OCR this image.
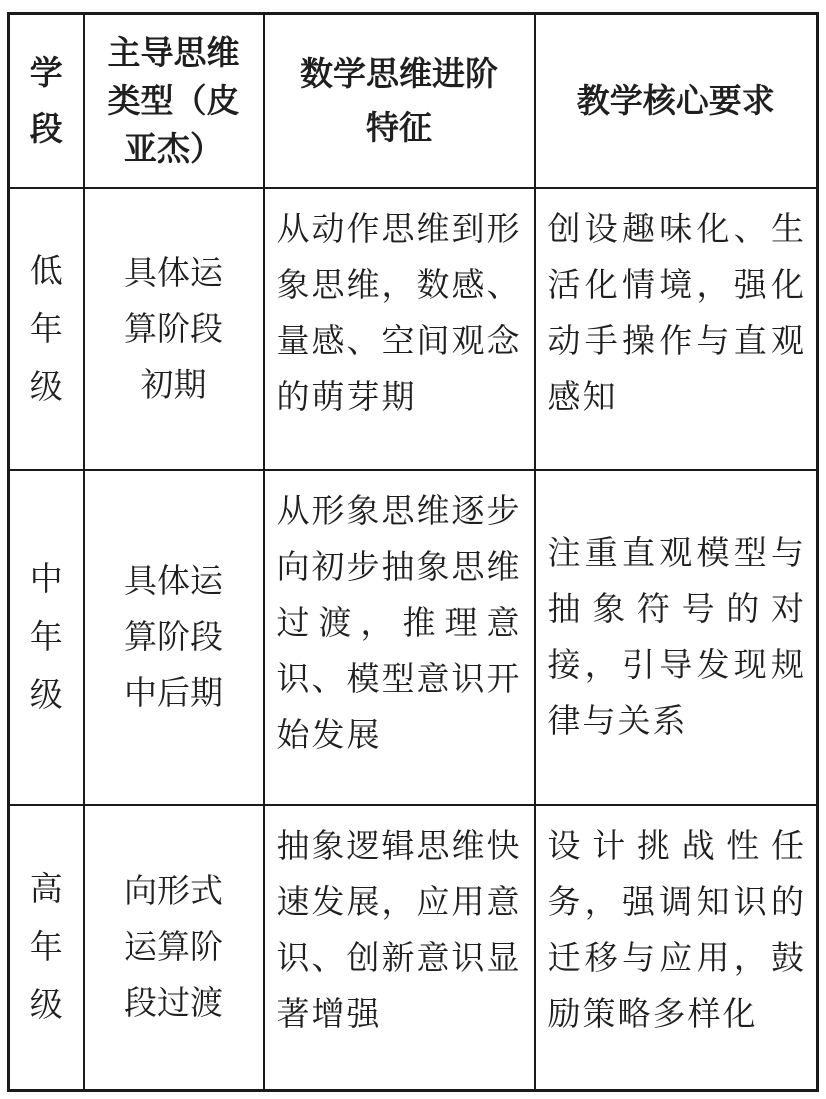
学段	主导思维类型（皮亚杰）	数学思维进阶特征	教学核心要求
低年级	具体运算阶段初期	从动作思维到形象思维，数感、量感、空间观念的萌芽期	创设趣味化、生活化情境，强化动手操作与直观感知

中年级	具体运算阶段中后期	从形象思维逐步向初步抽象思维过渡，推理意识、模型意识开始发展	注重直观模型与抽象符号的对接，引导发现规律与关系

高年级	向形式运算阶段过渡	抽象逻辑思维快速发展，应用意识、创新意识显著增强	设计挑战性任务，强调知识的迁移与应用，鼓励策略多样化
